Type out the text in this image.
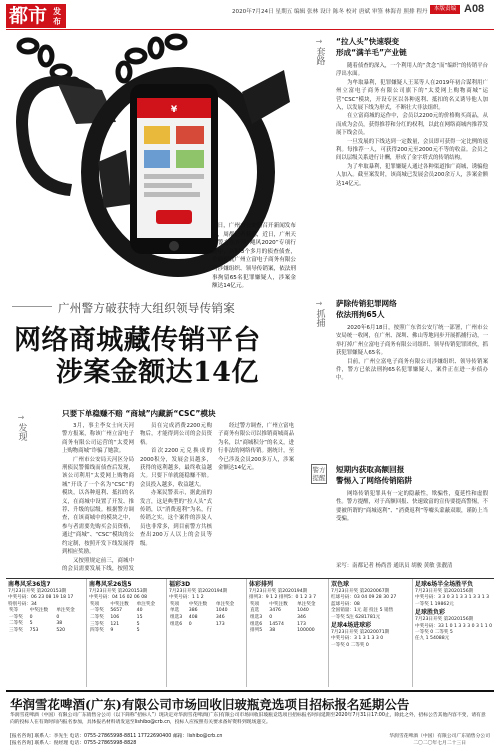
都市 发布
2020年7月24日 星期五 编辑 张林 设计 陈冬 校对 唐斌 审签 林海青 照排 程丹	本版责编 A08
¥
昨日，广州市公安局召开新闻发布会，周都记者获悉，近日，广州天河警方在开展“飓风2020”专项行动中，历时3个多月的侦查侦查，全面彻底广州立富电子商务有限公司涉嫌组织、领导传销案，依法刑事拘留65名犯罪嫌疑人，涉案金额达14亿元。
广州警方破获特大组织领导传销案
网络商城藏传销平台
涉案金额达14亿
→
发现
只要下单稳赚不赔 “商城”内藏新“CSC”模块

3月，事主李女士向天河警方报案，称该广州立富电子商务有限公司运营的“太爱网上购物商城”诈骗了她款。

广州市公安局天河区分局刑侦民警循线而侦查后发现，该公司利用“太爱网上购物商城”开设了一个名为“CSC”的模块，以各种返利、抵扣的名义，在商城中设置了开发、推荐、升级的层级。根据警方调查，在该商城中的模块之中，参与者需要先购买会员资格，通过“商城”、“CSC”模块的公约定制，按照开发下线发展得到相应奖励。

又按照规定前三，商城中的会员需要发展下线，按照发

员在完成消费2200元购物后，才能得到公司的会员资格。

首次2200元兑换成的2000积分，发展会员越多，获得的返利越多，最终收益越大。只要下单就能稳赚不赔。会员投入越多，收益越大。

办案民警表示，据此前的发言，这是典型的“拉人头”式传销，以“消费返利”为名，行传销之实。这个案件的涉及人员也非常多，到目前警方共核查出200万人以上的会员等级。

经过警方调查，广州立富电子商务有限公司以推销商城商品为名，以“商城积分”的名义，进行非法的网络传销。据统计，至今已涉及会员200多万人，涉案金额达14亿元。

→
套路
“拉人头”快速裂变
形成“满羊毛”产业链

随着侦查的深入，一个利用人的“贪念”而“编织”的传销平台浮出水面。

为牟取暴利，犯罪嫌疑人王某等人在2019年初合谋利用广州立富电子商务有限公司旗下的“太爱网上购物商城”运营“CSC”模块，开设专区以各种返利、抵扣的名义诱导他人加入，以发展下线为形式，不断壮大非法组织。

在立富商城的运作中，会员以2200元的价格购买商品，从而成为会员，获得推荐和分红的权利，以此在网络商城内推荐发展下线会员。

一旦发展的下线达到一定数量，会员即可获得一定比例的返利。每推荐一人，可获得200元至2000元不等的收益。会员之间以层级关系进行计酬，形成了金字塔式的传销结构。

为了牟取暴利，犯罪嫌疑人通过各种渠道推广商城，诱骗他人加入。截至案发时，该商城已发展会员200余万人，涉案金额达14亿元。

→
抓捕
萨除传销犯罪网络
依法刑拘65人

2020年6月18日，按照广东省公安厅统一部署，广州市公安局统一收网，在广州、深圳、佛山等地同步开展抓捕行动，一举打掉广州立富电子商务有限公司组织、领导传销犯罪团伙，抓获犯罪嫌疑人65名。

目前，广州立富电子商务有限公司涉嫌组织、领导传销案件，警方已依法刑拘65名犯罪嫌疑人，案件正在进一步侦办中。

警方提醒
短期内获取高额回报
警惕入了网络传销陷阱

网络传销犯罪具有一定的隐蔽性，欺骗性，蔓延性和虚假性。警方提醒，对于高额回报、快速致富的宣传要提高警惕，不要被所谓的“商城返利”、“消费返利”等噱头蒙蔽双眼，谨防上当受骗。

采写：南都记者 杨尚晋 通讯员 胡骏 黄敏 张靓清
南粤风采36选7
7月23日开奖 第2020153期
中奖号码：06 23 08 19 18 17
特别号码：34
奖等	中奖注数	单注奖金
一等奖	0	0
二等奖	5	38
三等奖	753	520
南粤风采26选5
7月23日开奖 第2020153期
中奖号码：04 16 02 06 08
奖项	中奖注数	单注奖金
一等奖	5657	40
二等奖	106	15
三等奖	121	5
四等奖	9	5
福彩3D
7月23日开奖 第2020194期
中奖号码：1 1 2
奖项	中奖注数	单注奖金
单选	386	1040
组选3	408	346
组选6	0	173
体彩排列
7月23日开奖 第2020194期
排列3：9 1 2 排列5：0 1 2 3 7
奖项	中奖注数	单注奖金
直选	3476	1040
组选3	0	346
组选6	14574	173
排列5	38	100000
双色球
7月23日开奖 第2020067期
红球号码：03 04 09 28 30 27
蓝球号码：08
全国销量：1元 超 投注 5 销售
一等奖 5注 6281781元
足球4场进球彩
7月23日开奖 第2020071期
中奖号码：3 1 3 1 3 3 0
一等奖 0 二等奖 0
足球6场半全场胜平负
7月23日开奖 第2020156期
中奖号码：3 3 0 3 1 3 3 1 3 3 1 3
一等奖 1 19862元
足球胜负彩
7月23日开奖 第2020156期
中奖号码：33 1 0 1 3 3 3 0 3 1 1 0
一等奖 0 二等奖 5
任九 1 54088元
华润雪花啤酒(广东)有限公司市场回收旧玻瓶竞选项目招标报名延期公告
华润雪花啤酒（中国）有限公司广东销售分公司（以下简称“招标人”）现决定对华润雪花啤酒(广东)有限公司市场回收旧玻瓶竞选项目招标报名时间延期至2020年7月31日17:00止，除此之外，招标公告其他内容不变，请有意向的投标人在有效时间内报名参加，具体报名材料请发送至lishibo@crb.cn，投标人应按照有关要求备好资料到现场递交。
[报名咨询] 联系人：李先生 电话：0755-27865998-8811 17722690400 邮箱：lishibo@crb.cn
[报名咨询] 联系人：倪经理 电话：0755-27865998-8828
华润雪花啤酒（中国）有限公司广东销售分公司
二〇二〇年七月二十三日
